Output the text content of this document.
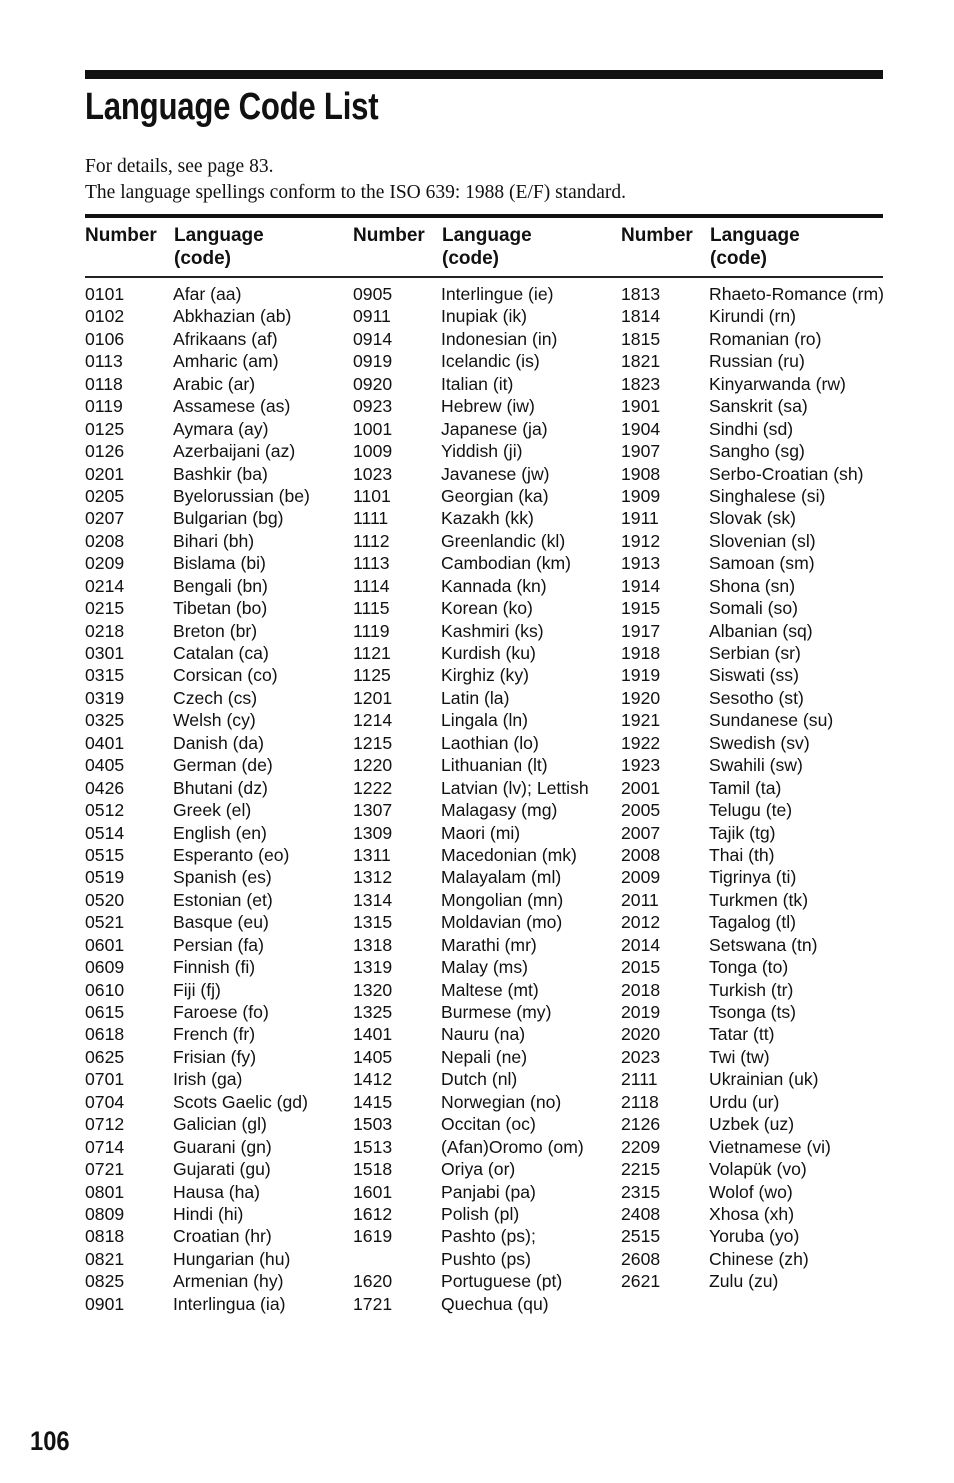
Language Code List
For details, see page 83.
The language spellings conform to the ISO 639: 1988 (E/F) standard.
Number Language
(code)
Number Language
(code)
Number Language
(code)
0101	Afar (aa)
0102	Abkhazian (ab)
0106	Afrikaans (af)
0113	Amharic (am)
0118	Arabic (ar)
0119	Assamese (as)
0125	Aymara (ay)
0126	Azerbaijani (az)
0201	Bashkir (ba)
0205	Byelorussian (be)
0207	Bulgarian (bg)
0208	Bihari (bh)
0209	Bislama (bi)
0214	Bengali (bn)
0215	Tibetan (bo)
0218	Breton (br)
0301	Catalan (ca)
0315	Corsican (co)
0319	Czech (cs)
0325	Welsh (cy)
0401	Danish (da)
0405	German (de)
0426	Bhutani (dz)
0512	Greek (el)
0514	English (en)
0515	Esperanto (eo)
0519	Spanish (es)
0520	Estonian (et)
0521	Basque (eu)
0601	Persian (fa)
0609	Finnish (fi)
0610	Fiji (fj)
0615	Faroese (fo)
0618	French (fr)
0625	Frisian (fy)
0701	Irish (ga)
0704	Scots Gaelic (gd)
0712	Galician (gl)
0714	Guarani (gn)
0721	Gujarati (gu)
0801	Hausa (ha)
0809	Hindi (hi)
0818	Croatian (hr)
0821	Hungarian (hu)
0825	Armenian (hy)
0901	Interlingua (ia)
0905	Interlingue (ie)
0911	Inupiak (ik)
0914	Indonesian (in)
0919	Icelandic (is)
0920	Italian (it)
0923	Hebrew (iw)
1001	Japanese (ja)
1009	Yiddish (ji)
1023	Javanese (jw)
1101	Georgian (ka)
1111	Kazakh (kk)
1112	Greenlandic (kl)
1113	Cambodian (km)
1114	Kannada (kn)
1115	Korean (ko)
1119	Kashmiri (ks)
1121	Kurdish (ku)
1125	Kirghiz (ky)
1201	Latin (la)
1214	Lingala (ln)
1215	Laothian (lo)
1220	Lithuanian (lt)
1222	Latvian (lv); Lettish
1307	Malagasy (mg)
1309	Maori (mi)
1311	Macedonian (mk)
1312	Malayalam (ml)
1314	Mongolian (mn)
1315	Moldavian (mo)
1318	Marathi (mr)
1319	Malay (ms)
1320	Maltese (mt)
1325	Burmese (my)
1401	Nauru (na)
1405	Nepali (ne)
1412	Dutch (nl)
1415	Norwegian (no)
1503	Occitan (oc)
1513	(Afan)Oromo (om)
1518	Oriya (or)
1601	Panjabi (pa)
1612	Polish (pl)
1619	Pashto (ps);
Pushto (ps)
1620	Portuguese (pt)
1721	Quechua (qu)
1813	Rhaeto-Romance (rm)
1814	Kirundi (rn)
1815	Romanian (ro)
1821	Russian (ru)
1823	Kinyarwanda (rw)
1901	Sanskrit (sa)
1904	Sindhi (sd)
1907	Sangho (sg)
1908	Serbo-Croatian (sh)
1909	Singhalese (si)
1911	Slovak (sk)
1912	Slovenian (sl)
1913	Samoan (sm)
1914	Shona (sn)
1915	Somali (so)
1917	Albanian (sq)
1918	Serbian (sr)
1919	Siswati (ss)
1920	Sesotho (st)
1921	Sundanese (su)
1922	Swedish (sv)
1923	Swahili (sw)
2001	Tamil (ta)
2005	Telugu (te)
2007	Tajik (tg)
2008	Thai (th)
2009	Tigrinya (ti)
2011	Turkmen (tk)
2012	Tagalog (tl)
2014	Setswana (tn)
2015	Tonga (to)
2018	Turkish (tr)
2019	Tsonga (ts)
2020	Tatar (tt)
2023	Twi (tw)
2111	Ukrainian (uk)
2118	Urdu (ur)
2126	Uzbek (uz)
2209	Vietnamese (vi)
2215	Volapük (vo)
2315	Wolof (wo)
2408	Xhosa (xh)
2515	Yoruba (yo)
2608	Chinese (zh)
2621	Zulu (zu)
106
